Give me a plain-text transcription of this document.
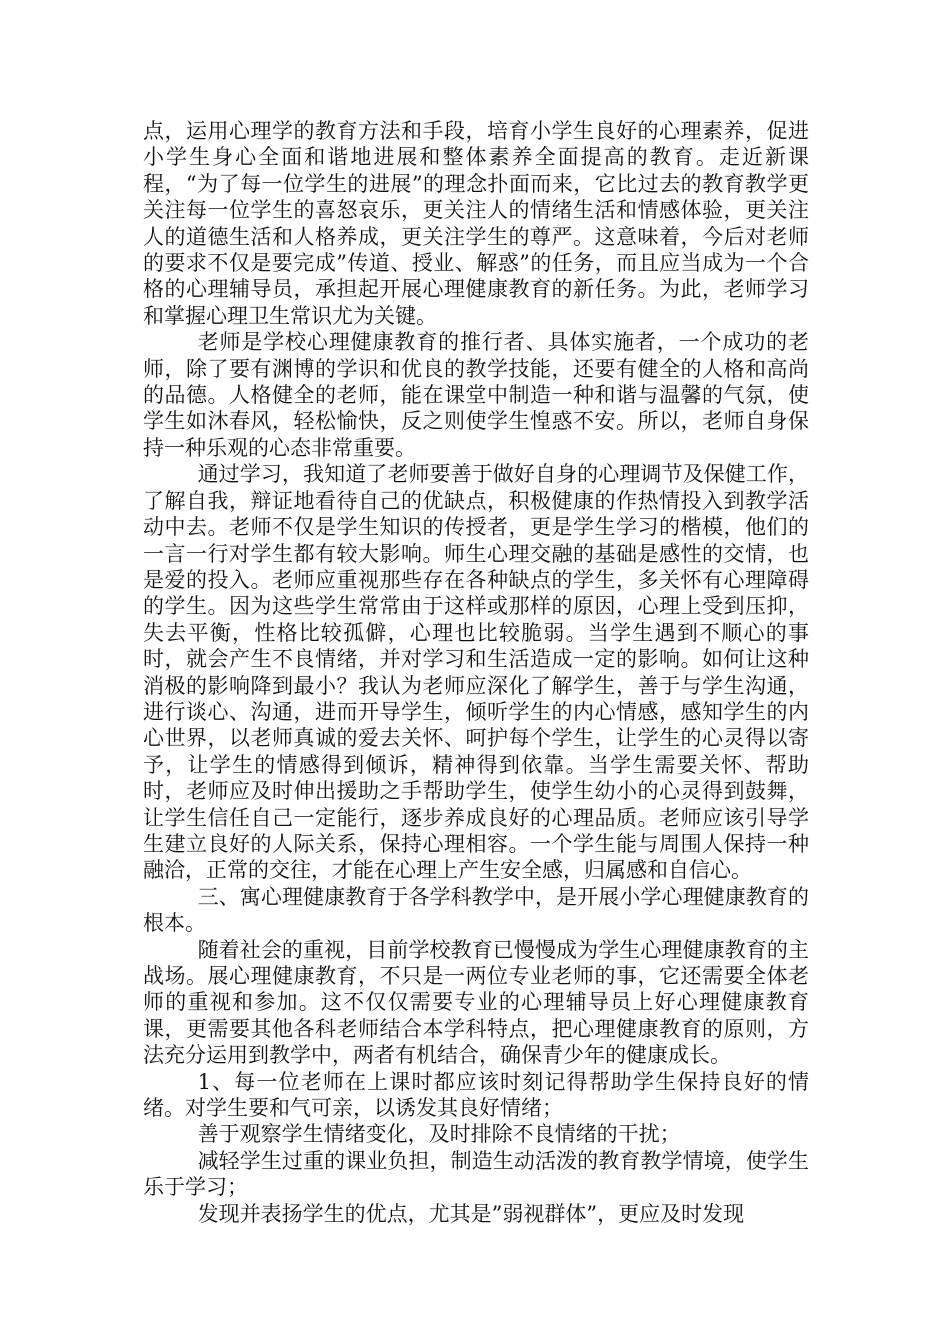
点，运用心理学的教育方法和手段，培育小学生良好的心理素养，促进小学生身心全面和谐地进展和整体素养全面提高的教育。走近新课程，“为了每一位学生的进展”的理念扑面而来，它比过去的教育教学更关注每一位学生的喜怒哀乐，更关注人的情绪生活和情感体验，更关注人的道德生活和人格养成，更关注学生的尊严。这意味着，今后对老师的要求不仅是要完成”传道、授业、解惑”的任务，而且应当成为一个合格的心理辅导员，承担起开展心理健康教育的新任务。为此，老师学习和掌握心理卫生常识尤为关键。

老师是学校心理健康教育的推行者、具体实施者，一个成功的老师，除了要有渊博的学识和优良的教学技能，还要有健全的人格和高尚的品德。人格健全的老师，能在课堂中制造一种和谐与温馨的气氛，使学生如沐春风，轻松愉快，反之则使学生惶惑不安。所以，老师自身保持一种乐观的心态非常重要。

通过学习，我知道了老师要善于做好自身的心理调节及保健工作，了解自我，辩证地看待自己的优缺点，积极健康的作热情投入到教学活动中去。老师不仅是学生知识的传授者，更是学生学习的楷模，他们的一言一行对学生都有较大影响。师生心理交融的基础是感性的交情，也是爱的投入。老师应重视那些存在各种缺点的学生，多关怀有心理障碍的学生。因为这些学生常常由于这样或那样的原因，心理上受到压抑，失去平衡，性格比较孤僻，心理也比较脆弱。当学生遇到不顺心的事时，就会产生不良情绪，并对学习和生活造成一定的影响。如何让这种消极的影响降到最小？我认为老师应深化了解学生，善于与学生沟通，进行谈心、沟通，进而开导学生，倾听学生的内心情感，感知学生的内心世界，以老师真诚的爱去关怀、呵护每个学生，让学生的心灵得以寄予，让学生的情感得到倾诉，精神得到依靠。当学生需要关怀、帮助时，老师应及时伸出援助之手帮助学生，使学生幼小的心灵得到鼓舞，让学生信任自己一定能行，逐步养成良好的心理品质。老师应该引导学生建立良好的人际关系，保持心理相容。一个学生能与周围人保持一种融洽，正常的交往，才能在心理上产生安全感，归属感和自信心。

三、寓心理健康教育于各学科教学中，是开展小学心理健康教育的根本。

随着社会的重视，目前学校教育已慢慢成为学生心理健康教育的主战场。展心理健康教育，不只是一两位专业老师的事，它还需要全体老师的重视和参加。这不仅仅需要专业的心理辅导员上好心理健康教育课，更需要其他各科老师结合本学科特点，把心理健康教育的原则，方法充分运用到教学中，两者有机结合，确保青少年的健康成长。

1、每一位老师在上课时都应该时刻记得帮助学生保持良好的情绪。对学生要和气可亲，以诱发其良好情绪；

善于观察学生情绪变化，及时排除不良情绪的干扰；

减轻学生过重的课业负担，制造生动活泼的教育教学情境，使学生乐于学习；

发现并表扬学生的优点，尤其是”弱视群体”，更应及时发现
